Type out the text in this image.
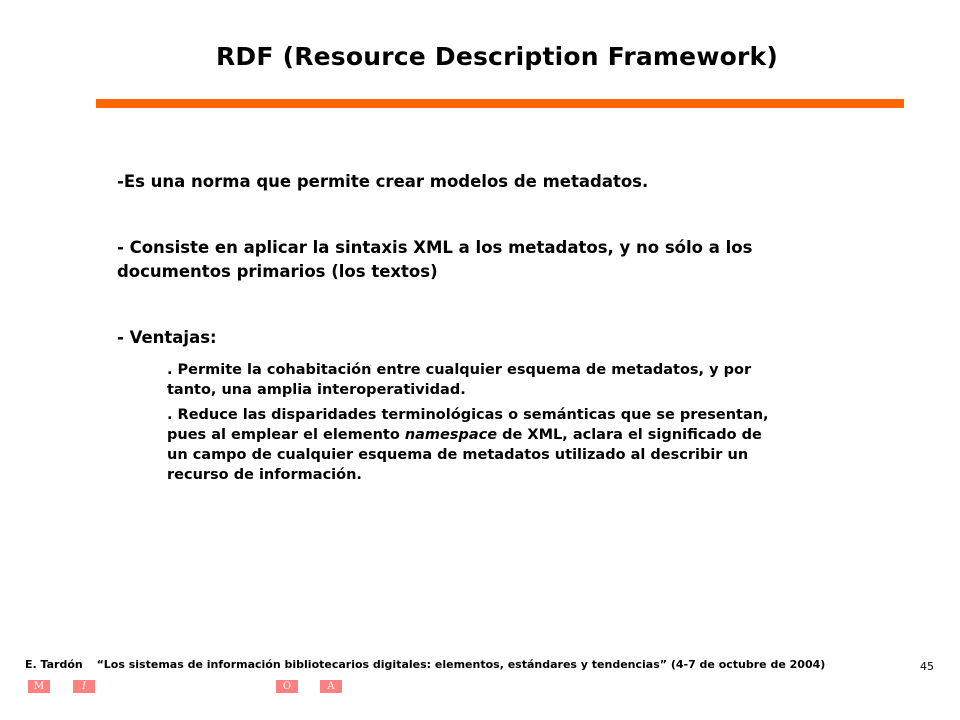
RDF (Resource Description Framework)

-Es una norma que permite crear modelos de metadatos.

- Consiste en aplicar la sintaxis XML a los metadatos, y no sólo a los documentos primarios (los textos)

- Ventajas:

. Permite la cohabitación entre cualquier esquema de metadatos, y por tanto, una amplia interoperatividad.

. Reduce las disparidades terminológicas o semánticas que se presentan, pues al emplear el elemento namespace de XML, aclara el significado de un campo de cualquier esquema de metadatos utilizado al describir un recurso de información.

E. Tardón “Los sistemas de información bibliotecarios digitales: elementos, estándares y tendencias” (4-7 de octubre de 2004)	45
M	I	O	A
